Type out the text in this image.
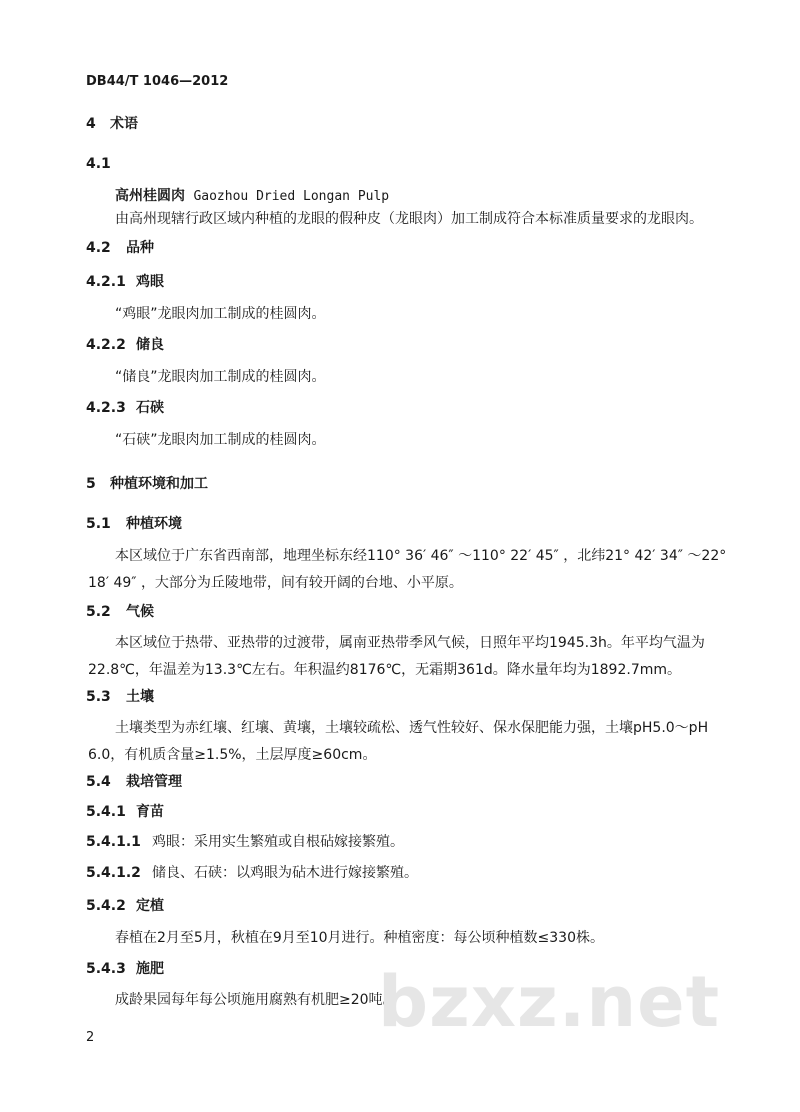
DB44/T 1046—2012
4 术语
4.1
高州桂圆肉 Gaozhou Dried Longan Pulp
由高州现辖行政区域内种植的龙眼的假种皮（龙眼肉）加工制成符合本标准质量要求的龙眼肉。
4.2 品种
4.2.1 鸡眼
“鸡眼”龙眼肉加工制成的桂圆肉。
4.2.2 储良
“储良”龙眼肉加工制成的桂圆肉。
4.2.3 石硖
“石硖”龙眼肉加工制成的桂圆肉。
5 种植环境和加工
5.1 种植环境
本区域位于广东省西南部，地理坐标东经110° 36′ 46″ ～110° 22′ 45″ ，北纬21° 42′ 34″ ～22° 18′ 49″ ，大部分为丘陵地带，间有较开阔的台地、小平原。
5.2 气候
本区域位于热带、亚热带的过渡带，属南亚热带季风气候，日照年平均1945.3h。年平均气温为22.8℃，年温差为13.3℃左右。年积温约8176℃，无霜期361d。降水量年均为1892.7mm。
5.3 土壤
土壤类型为赤红壤、红壤、黄壤，土壤较疏松、透气性较好、保水保肥能力强，土壤pH5.0～pH 6.0，有机质含量≥1.5%，土层厚度≥60cm。
5.4 栽培管理
5.4.1 育苗
5.4.1.1 鸡眼：采用实生繁殖或自根砧嫁接繁殖。
5.4.1.2 储良、石硖：以鸡眼为砧木进行嫁接繁殖。
5.4.2 定植
春植在2月至5月，秋植在9月至10月进行。种植密度：每公顷种植数≤330株。
5.4.3 施肥
成龄果园每年每公顷施用腐熟有机肥≥20吨。
bzxz.net
2
